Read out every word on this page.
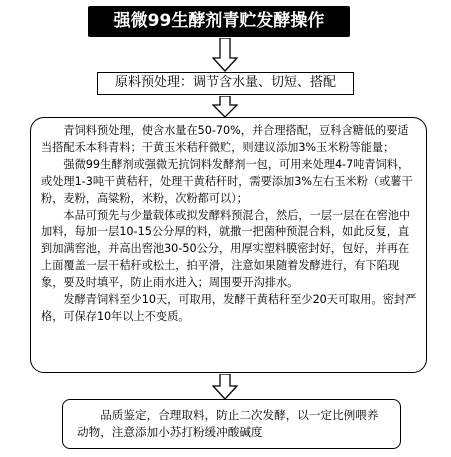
强微99生酵剂青贮发酵操作
原料预处理：调节含水量、切短、搭配

青饲料预处理，使含水量在50-70%，并合理搭配，豆科含糖低的要适当搭配禾本科青料；干黄玉米秸秆微贮，则建议添加3%玉米粉等能量；

强微99生酵剂或强微无抗饲料发酵剂一包，可用来处理4-7吨青饲料，或处理1-3吨干黄秸秆，处理干黄秸秆时，需要添加3%左右玉米粉（或薯干粉，麦粉，高粱粉，米粉，次粉都可以）；

本品可预先与少量载体或拟发酵料预混合，然后，一层一层在在窖池中加料，每加一层10-15公分厚的料，就撒一把菌种预混合料，如此反复，直到加满窖池，并高出窖池30-50公分，用厚实塑料膜密封好，包好，并再在上面覆盖一层干秸秆或松土，拍平滑，注意如果随着发酵进行，有下陷现象，要及时填平，防止雨水进入；周围要开沟排水。

发酵青饲料至少10天，可取用，发酵干黄秸秆至少20天可取用。密封严格，可保存10年以上不变质。

品质鉴定，合理取料，防止二次发酵，以一定比例喂养动物，注意添加小苏打粉缓冲酸碱度
